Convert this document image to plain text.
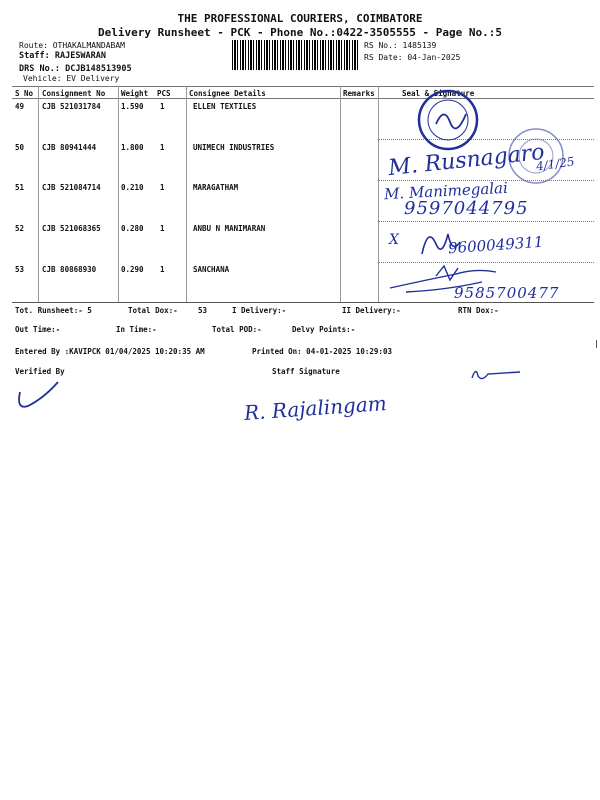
THE PROFESSIONAL COURIERS, COIMBATORE
Delivery Runsheet - PCK - Phone No.:0422-3505555 - Page No.:5
Route: OTHAKALMANDABAM
Staff: RAJESWARAN
DRS No.: DCJB148513905
Vehicle: EV Delivery
RS No.: 1485139
RS Date: 04-Jan-2025
S No Consignment No Weight PCS Consignee Details	Remarks	Seal & Signature
49 CJB 521031784	1.590 1	ELLEN TEXTILES
50 CJB 80941444	1.800 1	UNIMECH INDUSTRIES
51 CJB 521084714	0.210 1	MARAGATHAM
52 CJB 521068365	0.280 1	ANBU N MANIMARAN
53 CJB 80868930	0.290 1	SANCHANA
M. Rusnagaro
4/1/25
M. Manimegalai
9597044795
X	9600049311
9585700477
Tot. Runsheet:- 5	Total Dox:-	53	I Delivery:-	II Delivery:-	RTN Dox:-
Out Time:-	In Time:-	Total POD:-	Delvy Points:-
Entered By :KAVIPCK 01/04/2025 10:20:35 AM	Printed On: 04-01-2025 10:29:03
Verified By	Staff Signature
R. Rajalingam
